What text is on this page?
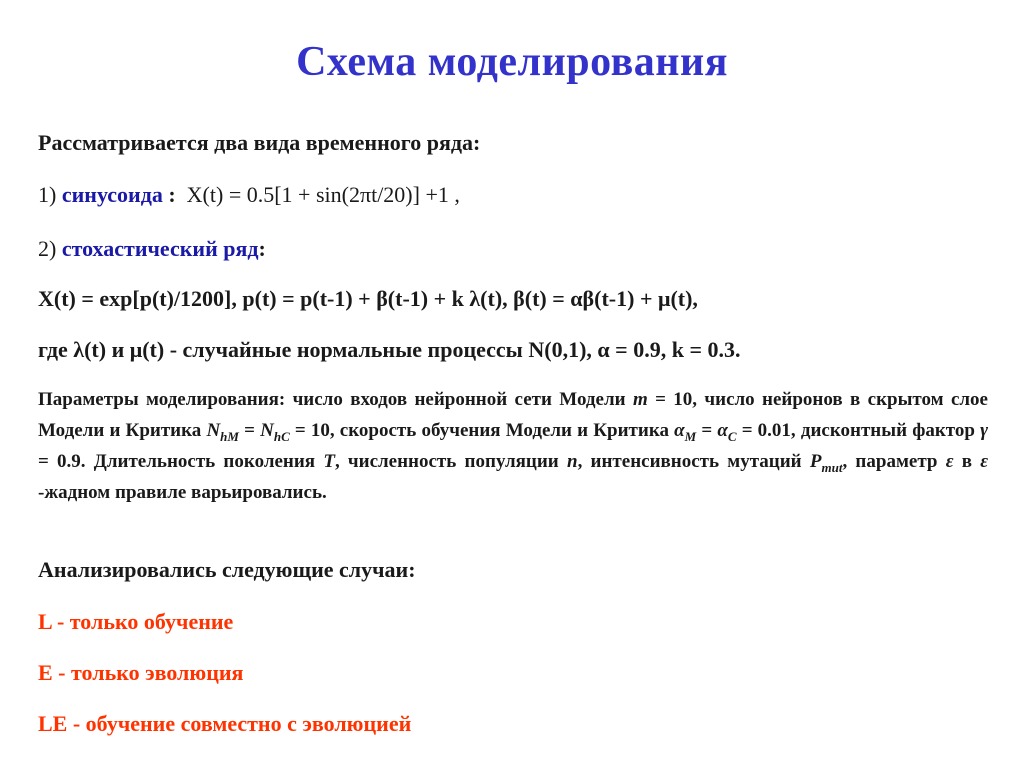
Схема моделирования
Рассматривается два вида временного ряда:
1) синусоида : X(t) = 0.5[1 + sin(2πt/20)] +1 ,
2) стохастический ряд:
X(t) = exp[p(t)/1200], p(t) = p(t-1) + β(t-1) + k λ(t), β(t) = αβ(t-1) + μ(t),
где λ(t) и μ(t) - случайные нормальные процессы N(0,1), α = 0.9, k = 0.3.
Параметры моделирования: число входов нейронной сети Модели m = 10, число нейронов в скрытом слое Модели и Критика $N_{hM} = N_{hC} = 10$, скорость обучения Модели и Критика $\alpha_M = \alpha_C = 0.01$, дисконтный фактор γ = 0.9. Длительность поколения T, численность популяции n, интенсивность мутаций $P_{mut}$, параметр ε в ε -жадном правиле варьировались.
Анализировались следующие случаи:
L - только обучение
E - только эволюция
LE - обучение совместно с эволюцией
